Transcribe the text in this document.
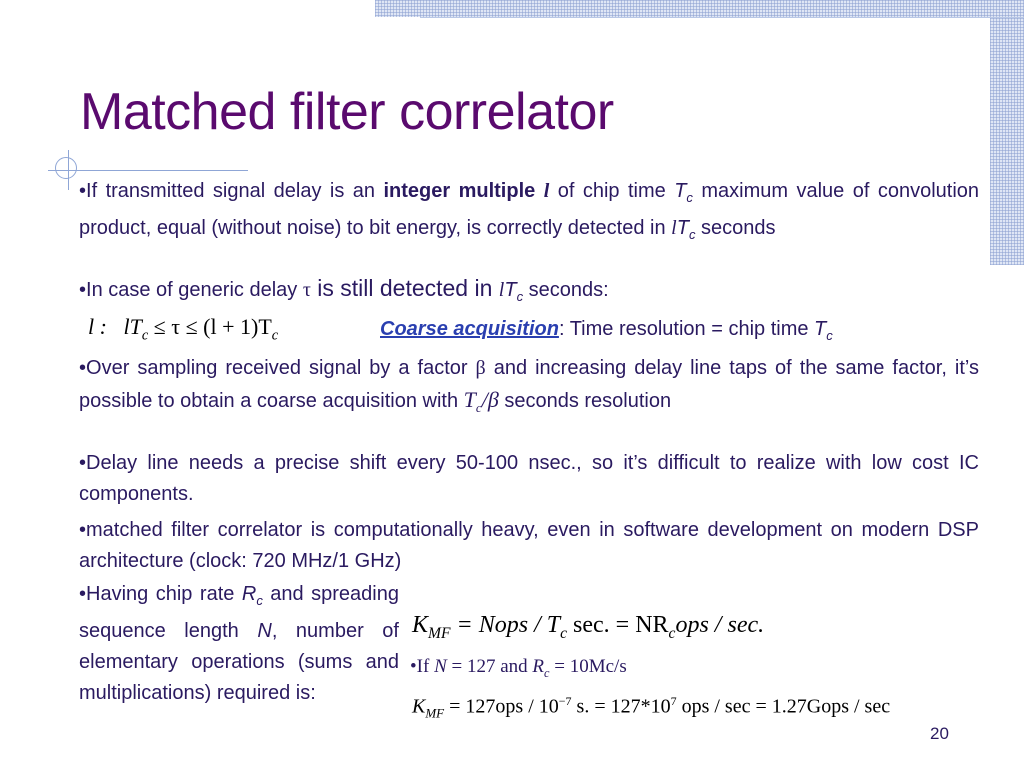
Matched filter correlator

•If transmitted signal delay is an integer multiple l of chip time $T_c$ maximum value of convolution product, equal (without noise) to bit energy, is correctly detected in $lT_c$ seconds

•In case of generic delay τ is still detected in $lT_c$ seconds:

l : $lT_c \le \tau \le (l + 1)T_c$	Coarse acquisition: Time resolution = chip time $T_c$

•Over sampling received signal by a factor β and increasing delay line taps of the same factor, it’s possible to obtain a coarse acquisition with $T_c/\beta$ seconds resolution

•Delay line needs a precise shift every 50-100 nsec., so it’s difficult to realize with low cost IC components.

•matched filter correlator is computationally heavy, even in software development on modern DSP architecture (clock: 720 MHz/1 GHz)

•Having chip rate $R_c$ and spreading sequence length N, number of elementary operations (sums and multiplications) required is:

$K_{MF}$ = Nops / $T_c$ sec. = $NR_cops$ / sec.
•If N = 127 and $R_c = 10Mc/s$
$K_{MF} = 127ops / 10^{-7}$ s. = $127*10^7$ ops / sec = 1.27Gops / sec
20
